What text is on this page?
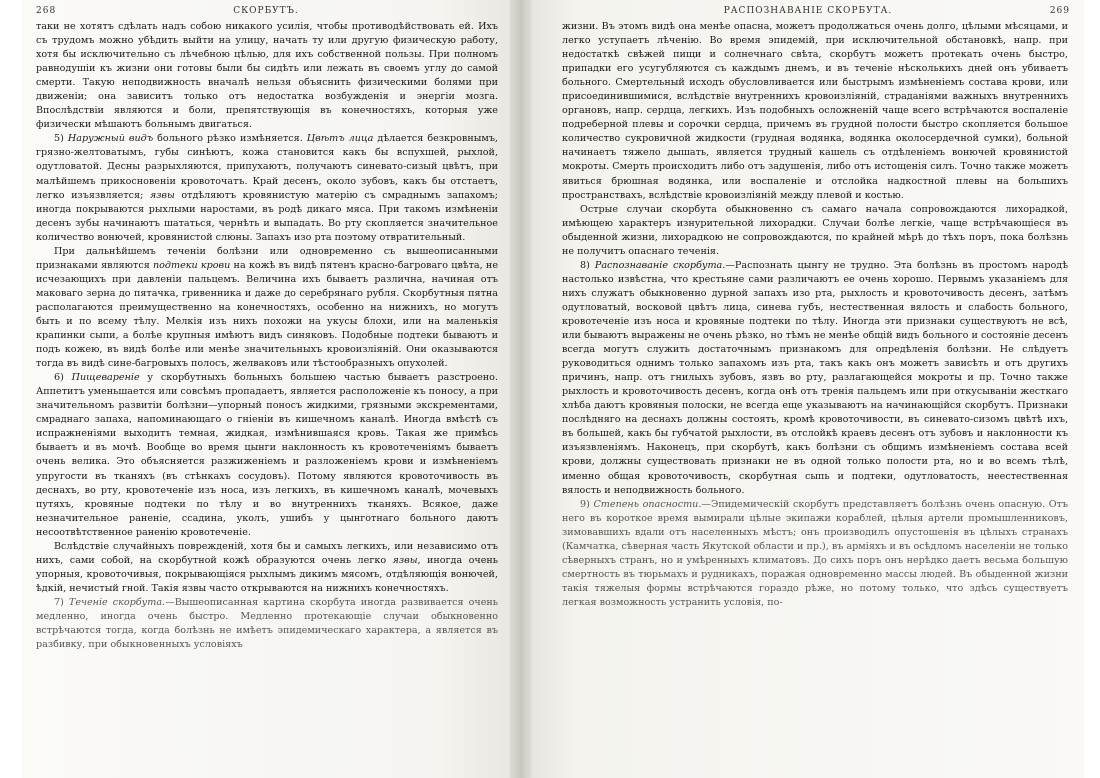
268	СКОРБУТЪ.

таки не хотятъ сдѣлать надъ собою никакого усилія, чтобы противодѣйствовать ей. Ихъ съ трудомъ можно убѣдить выйти на улицу, начать ту или другую физическую работу, хотя бы исключительно съ лѣчебною цѣлью, для ихъ собственной пользы. При полномъ равнодушіи къ жизни они готовы были бы сидѣть или лежать въ своемъ углу до самой смерти. Такую неподвижность вначалѣ нельзя объяснить физическими болями при движеніи; она зависитъ только отъ недостатка возбужденія и энергіи мозга. Впослѣдствіи являются и боли, препятствующія въ конечностяхъ, которыя уже физически мѣшаютъ больнымъ двигаться.

5) Наружный видъ больного рѣзко измѣняется. Цвѣтъ лица дѣлается безкровнымъ, грязно-желтоватымъ, губы синѣютъ, кожа становится какъ бы вспухшей, рыхлой, одутловатой. Десны разрыхляются, припухаютъ, получаютъ синевато-сизый цвѣтъ, при малѣйшемъ прикосновеніи кровоточатъ. Край десенъ, около зубовъ, какъ бы отстаетъ, легко изъязвляется; язвы отдѣляютъ кровянистую матерію съ смраднымъ запахомъ; иногда покрываются рыхлыми наростами, въ родѣ дикаго мяса. При такомъ измѣненіи десенъ зубы начинаютъ шататься, чернѣть и выпадать. Во рту скопляется значительное количество вонючей, кровянистой слюны. Запахъ изо рта поэтому отвратительный.

При дальнѣйшемъ теченіи болѣзни или одновременно съ вышеописанными признаками являются подтеки крови на кожѣ въ видѣ пятенъ красно-багроваго цвѣта, не исчезающихъ при давленіи пальцемъ. Величина ихъ бываетъ различна, начиная отъ маковаго зерна до пятачка, гривенника и даже до серебрянаго рубля. Скорбутныя пятна располагаются преимущественно на конечностяхъ, особенно на нижнихъ, но могутъ быть и по всему тѣлу. Мелкія изъ нихъ похожи на укусы блохи, или на маленькія крапинки сыпи, а болѣе крупныя имѣютъ видъ синяковъ. Подобные подтеки бываютъ и подъ кожею, въ видѣ болѣе или менѣе значительныхъ кровоизліяній. Они оказываются тогда въ видѣ сине-багровыхъ полосъ, желваковъ или тѣстообразныхъ опухолей.

6) Пищевареніе у скорбутныхъ больныхъ большею частью бываетъ разстроено. Аппетитъ уменьшается или совсѣмъ пропадаетъ, является расположеніе къ поносу, а при значительномъ развитіи болѣзни—упорный поносъ жидкими, грязными экскрементами, смраднаго запаха, напоминающаго о гніеніи въ кишечномъ каналѣ. Иногда вмѣстѣ съ испражненіями выходитъ темная, жидкая, измѣнившаяся кровь. Такая же примѣсь бываетъ и въ мочѣ. Вообще во время цынги наклонность къ кровотеченіямъ бываетъ очень велика. Это объясняется разжиженіемъ и разложеніемъ крови и измѣненіемъ упругости въ тканяхъ (въ стѣнкахъ сосудовъ). Потому являются кровоточивость въ деснахъ, во рту, кровотеченіе изъ носа, изъ легкихъ, въ кишечномъ каналѣ, мочевыхъ путяхъ, кровяные подтеки по тѣлу и во внутреннихъ тканяхъ. Всякое, даже незначительное раненіе, ссадина, уколъ, ушибъ у цынготнаго больного даютъ несоотвѣтственное раненію кровотеченіе.

Вслѣдствіе случайныхъ поврежденій, хотя бы и самыхъ легкихъ, или независимо отъ нихъ, сами собой, на скорбутной кожѣ образуются очень легко язвы, иногда очень упорныя, кровоточивыя, покрывающіяся рыхлымъ дикимъ мясомъ, отдѣляющія вонючей, ѣдкій, нечистый гной. Такія язвы часто открываются на нижнихъ конечностяхъ.

7) Теченіе скорбута.—Вышеописанная картина скорбута иногда развивается очень медленно, иногда очень быстро. Медленно протекающіе случаи обыкновенно встрѣчаются тогда, когда болѣзнь не имѣетъ эпидемическаго характера, а является въ разбивку, при обыкновенныхъ условіяхъ

РАСПОЗНАВАНІЕ СКОРБУТА.	269

жизни. Въ этомъ видѣ она менѣе опасна, можетъ продолжаться очень долго, цѣлыми мѣсяцами, и легко уступаетъ лѣченію. Во время эпидемій, при исключительной обстановкѣ, напр. при недостаткѣ свѣжей пищи и солнечнаго свѣта, скорбутъ можетъ протекать очень быстро, припадки его усугубляются съ каждымъ днемъ, и въ теченіе нѣсколькихъ дней онъ убиваетъ больного. Смертельный исходъ обусловливается или быстрымъ измѣненіемъ состава крови, или присоединившимися, вслѣдствіе внутреннихъ кровоизліяній, страданіями важныхъ внутреннихъ органовъ, напр. сердца, легкихъ. Изъ подобныхъ осложненій чаще всего встрѣчаются воспаленіе подреберной плевы и сорочки сердца, причемъ въ грудной полости быстро скопляется большое количество сукровичной жидкости (грудная водянка, водянка околосердечной сумки), больной начинаетъ тяжело дышать, является трудный кашель съ отдѣленіемъ вонючей кровянистой мокроты. Смерть происходитъ либо отъ задушенія, либо отъ истощенія силъ. Точно также можетъ явиться брюшная водянка, или воспаленіе и отслойка надкостной плевы на большихъ пространствахъ, вслѣдствіе кровоизліяній между плевой и костью.

Острые случаи скорбута обыкновенно съ самаго начала сопровождаются лихорадкой, имѣющею характеръ изнурительной лихорадки. Случаи болѣе легкіе, чаще встрѣчающіеся въ обыденной жизни, лихорадкою не сопровождаются, по крайней мѣрѣ до тѣхъ поръ, пока болѣзнь не получитъ опаснаго теченія.

8) Распознаваніе скорбута.—Распознать цынгу не трудно. Эта болѣзнь въ простомъ народѣ настолько извѣстна, что крестьяне сами различаютъ ее очень хорошо. Первымъ указаніемъ для нихъ служатъ обыкновенно дурной запахъ изо рта, рыхлость и кровоточивость десенъ, затѣмъ одутловатый, восковой цвѣтъ лица, синева губъ, нестественная вялость и слабость больного, кровотеченіе изъ носа и кровяные подтеки по тѣлу. Иногда эти признаки существуютъ не всѣ, или бываютъ выражены не очень рѣзко, но тѣмъ не менѣе общій видъ больного и состояніе десенъ всегда могутъ служить достаточнымъ признакомъ для опредѣленія болѣзни. Не слѣдуетъ руководиться однимъ только запахомъ изъ рта, такъ какъ онъ можетъ зависѣть и отъ другихъ причинъ, напр. отъ гнилыхъ зубовъ, язвъ во рту, разлагающейся мокроты и пр. Точно также рыхлость и кровоточивость десенъ, когда онѣ отъ тренія пальцемъ или при откусываніи жесткаго хлѣба даютъ кровяныя полоски, не всегда еще указываютъ на начинающійся скорбутъ. Признаки послѣдняго на деснахъ должны состоять, кромѣ кровоточивости, въ синевато-сизомъ цвѣтѣ ихъ, въ большей, какъ бы губчатой рыхлости, въ отслойкѣ краевъ десенъ отъ зубовъ и наклонности къ изъязвленіямъ. Наконецъ, при скорбутѣ, какъ болѣзни съ общимъ измѣненіемъ состава всей крови, должны существовать признаки не въ одной только полости рта, но и во всемъ тѣлѣ, именно общая кровоточивость, скорбутная сыпь и подтеки, одутловатость, неестественная вялость и неподвижность больного.

9) Степень опасности.—Эпидемическій скорбутъ представляетъ болѣзнь очень опасную. Отъ него въ короткое время вымирали цѣлые экипажи кораблей, цѣлыя артели промышленниковъ, зимовавшихъ вдали отъ населенныхъ мѣстъ; онъ производилъ опустошенія въ цѣлыхъ странахъ (Камчатка, сѣверная часть Якутской области и пр.), въ арміяхъ и въ осѣдломъ населеніи не только сѣверныхъ странъ, но и умѣренныхъ климатовъ. До сихъ поръ онъ нерѣдко даетъ весьма большую смертность въ тюрьмахъ и рудникахъ, поражая одновременно массы людей. Въ обыденной жизни такія тяжелыя формы встрѣчаются гораздо рѣже, но потому только, что здѣсь существуетъ легкая возможность устранить условія, по-
